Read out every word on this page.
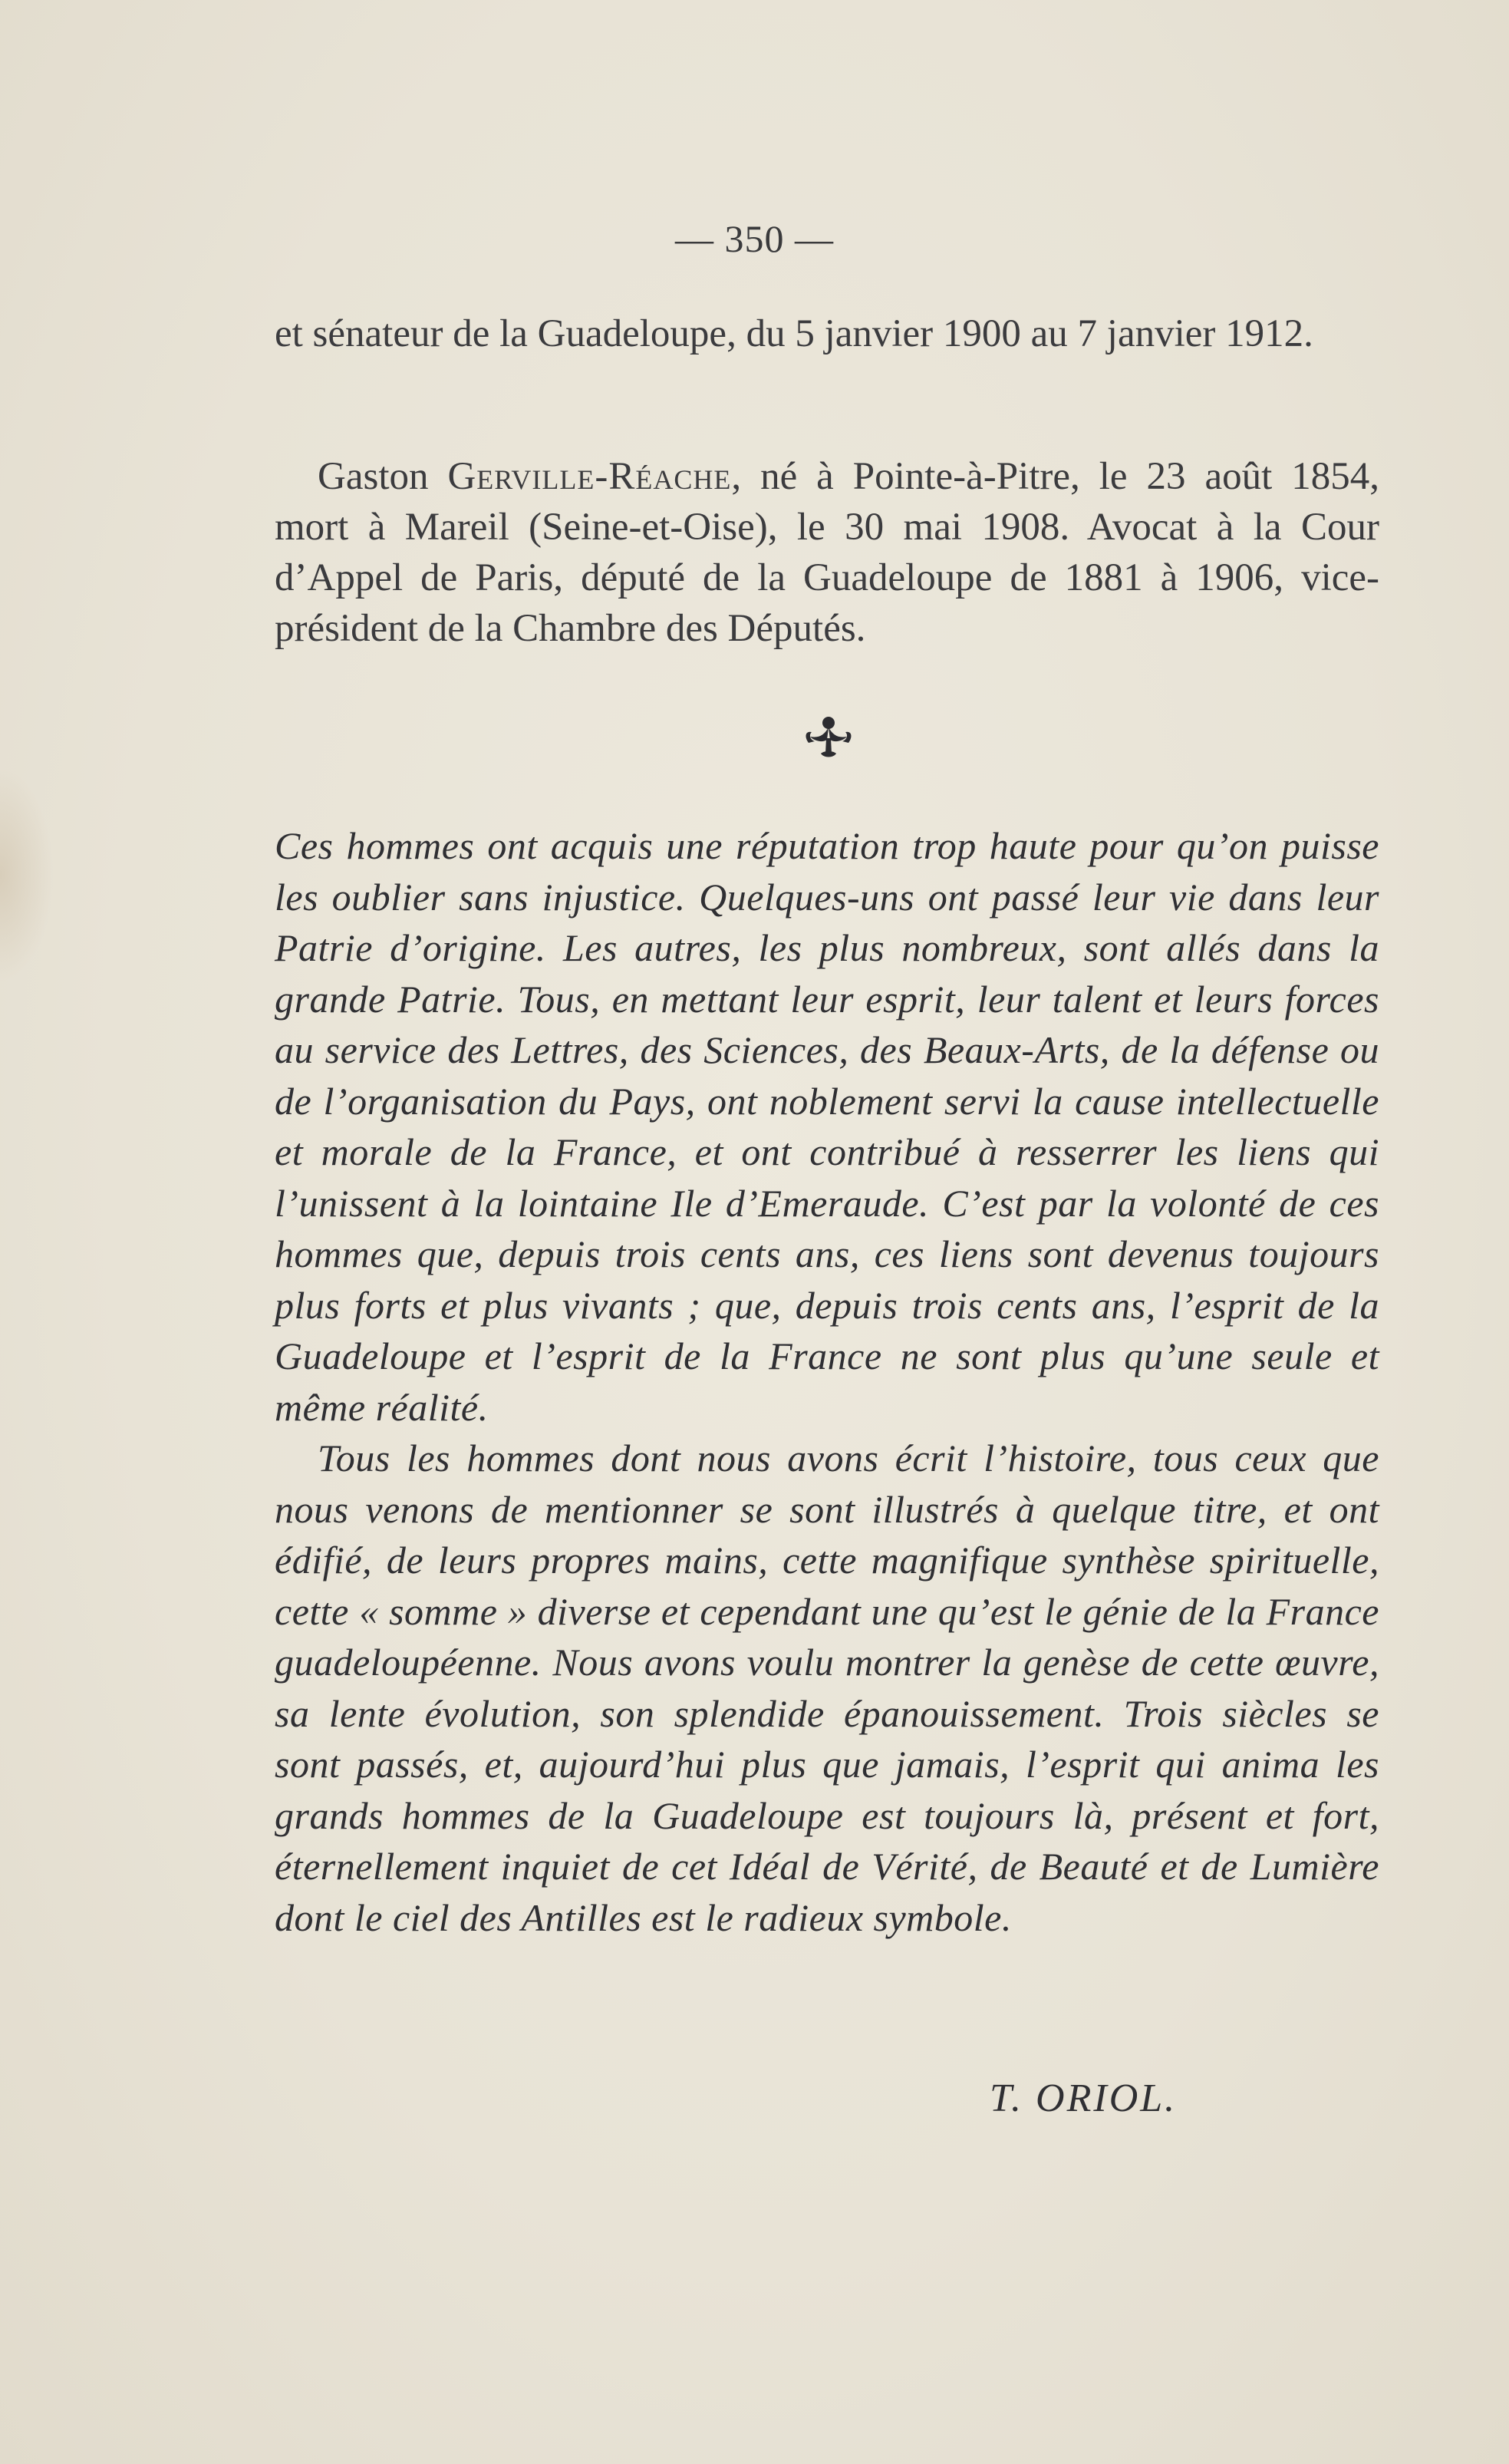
— 350 —

et sénateur de la Guadeloupe, du 5 janvier 1900 au 7 janvier 1912.

Gaston Gerville-Réache, né à Pointe-à-Pitre, le 23 août 1854, mort à Mareil (Seine-et-Oise), le 30 mai 1908. Avocat à la Cour d’Appel de Paris, député de la Guadeloupe de 1881 à 1906, vice-président de la Chambre des Députés.

Ces hommes ont acquis une réputation trop haute pour qu’on puisse les oublier sans injustice. Quelques-uns ont passé leur vie dans leur Patrie d’origine. Les autres, les plus nombreux, sont allés dans la grande Patrie. Tous, en mettant leur esprit, leur talent et leurs forces au service des Lettres, des Sciences, des Beaux-Arts, de la défense ou de l’organisation du Pays, ont noblement servi la cause intellectuelle et morale de la France, et ont contribué à resserrer les liens qui l’unissent à la lointaine Ile d’Emeraude. C’est par la volonté de ces hommes que, depuis trois cents ans, ces liens sont devenus toujours plus forts et plus vivants ; que, depuis trois cents ans, l’esprit de la Guadeloupe et l’esprit de la France ne sont plus qu’une seule et même réalité.

Tous les hommes dont nous avons écrit l’histoire, tous ceux que nous venons de mentionner se sont illustrés à quelque titre, et ont édifié, de leurs propres mains, cette magnifique synthèse spirituelle, cette « somme » diverse et cependant une qu’est le génie de la France guadeloupéenne. Nous avons voulu montrer la genèse de cette œuvre, sa lente évolution, son splendide épanouissement. Trois siècles se sont passés, et, aujourd’hui plus que jamais, l’esprit qui anima les grands hommes de la Guadeloupe est toujours là, présent et fort, éternellement inquiet de cet Idéal de Vérité, de Beauté et de Lumière dont le ciel des Antilles est le radieux symbole.

T. ORIOL.
